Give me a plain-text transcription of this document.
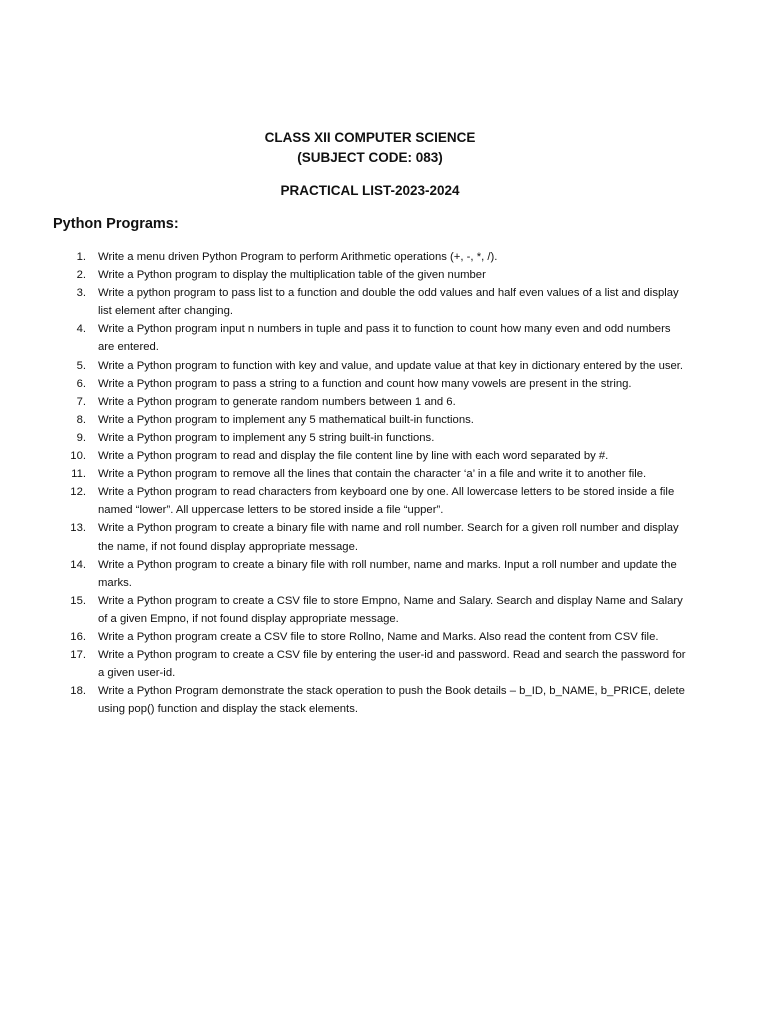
CLASS XII COMPUTER SCIENCE
(SUBJECT CODE: 083)
PRACTICAL LIST-2023-2024
Python Programs:
1. Write a menu driven Python Program to perform Arithmetic operations (+, -, *, /).
2. Write a Python program to display the multiplication table of the given number
3. Write a python program to pass list to a function and double the odd values and half even values of a list and display list element after changing.
4. Write a Python program input n numbers in tuple and pass it to function to count how many even and odd numbers are entered.
5. Write a Python program to function with key and value, and update value at that key in dictionary entered by the user.
6. Write a Python program to pass a string to a function and count how many vowels are present in the string.
7. Write a Python program to generate random numbers between 1 and 6.
8. Write a Python program to implement any 5 mathematical built-in functions.
9. Write a Python program to implement any 5 string built-in functions.
10. Write a Python program to read and display the file content line by line with each word separated by #.
11. Write a Python program to remove all the lines that contain the character ‘a’ in a file and write it to another file.
12. Write a Python program to read characters from keyboard one by one. All lowercase letters to be stored inside a file named “lower”. All uppercase letters to be stored inside a file “upper”.
13. Write a Python program to create a binary file with name and roll number. Search for a given roll number and display the name, if not found display appropriate message.
14. Write a Python program to create a binary file with roll number, name and marks. Input a roll number and update the marks.
15. Write a Python program to create a CSV file to store Empno, Name and Salary. Search and display Name and Salary of a given Empno, if not found display appropriate message.
16. Write a Python program create a CSV file to store Rollno, Name and Marks. Also read the content from CSV file.
17. Write a Python program to create a CSV file by entering the user-id and password. Read and search the password for a given user-id.
18. Write a Python Program demonstrate the stack operation to push the Book details – b_ID, b_NAME, b_PRICE, delete using pop() function and display the stack elements.
